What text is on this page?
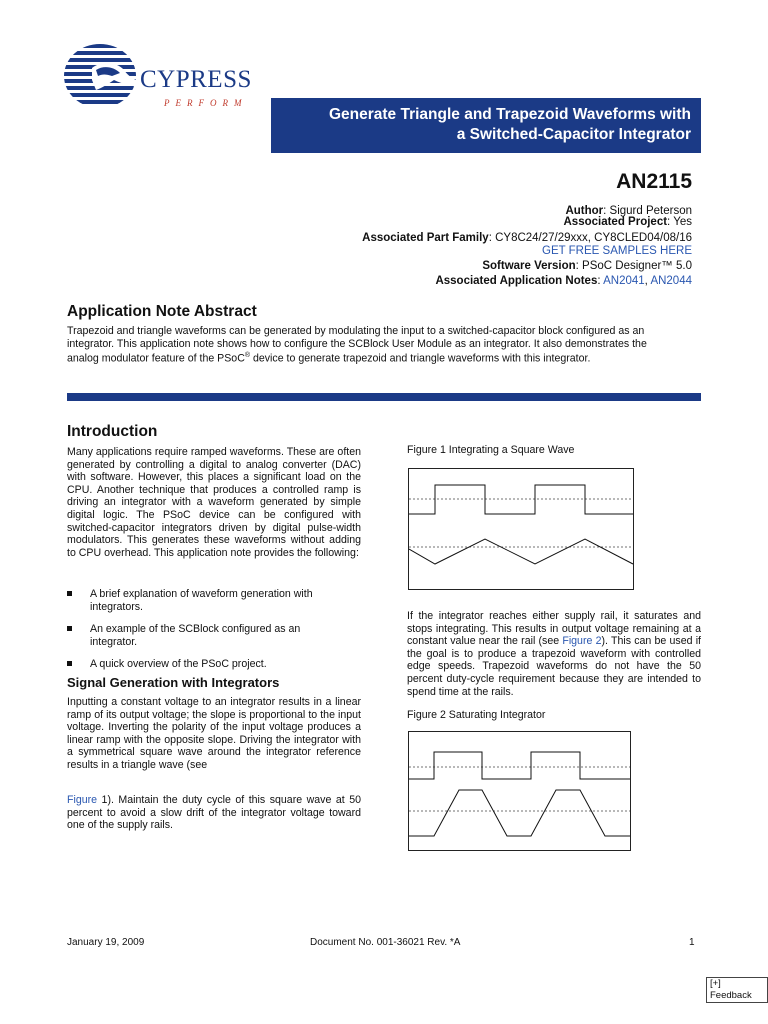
CYPRESS
PERFORM
Generate Triangle and Trapezoid Waveforms with
a Switched-Capacitor Integrator
AN2115
Author: Sigurd Peterson
Associated Project: Yes
Associated Part Family: CY8C24/27/29xxx, CY8CLED04/08/16
GET FREE SAMPLES HERE
Software Version: PSoC Designer™ 5.0
Associated Application Notes: AN2041, AN2044
Application Note Abstract
Trapezoid and triangle waveforms can be generated by modulating the input to a switched-capacitor block configured as an
integrator. This application note shows how to configure the SCBlock User Module as an integrator. It also demonstrates the
analog modulator feature of the PSoC® device to generate trapezoid and triangle waveforms with this integrator.
Introduction
Many applications require ramped waveforms. These are often generated by controlling a digital to analog converter (DAC) with software. However, this places a significant load on the CPU. Another technique that produces a controlled ramp is driving an integrator with a waveform generated by simple digital logic. The PSoC device can be configured with switched-capacitor integrators driven by digital pulse-width modulators. This generates these waveforms without adding to CPU overhead. This application note provides the following:
A brief explanation of waveform generation with integrators.
An example of the SCBlock configured as an integrator.
A quick overview of the PSoC project.
Signal Generation with Integrators
Inputting a constant voltage to an integrator results in a linear ramp of its output voltage; the slope is proportional to the input voltage. Inverting the polarity of the input voltage produces a linear ramp with the opposite slope. Driving the integrator with a symmetrical square wave around the integrator reference results in a triangle wave (see
Figure 1). Maintain the duty cycle of this square wave at 50 percent to avoid a slow drift of the integrator voltage toward one of the supply rails.
Figure 1 Integrating a Square Wave
If the integrator reaches either supply rail, it saturates and stops integrating. This results in output voltage remaining at a constant value near the rail (see Figure 2). This can be used if the goal is to produce a trapezoid waveform with controlled edge speeds. Trapezoid waveforms do not have the 50 percent duty-cycle requirement because they are intended to spend time at the rails.
Figure 2 Saturating Integrator
January 19, 2009	Document No. 001-36021 Rev. *A	1
[+] Feedback
